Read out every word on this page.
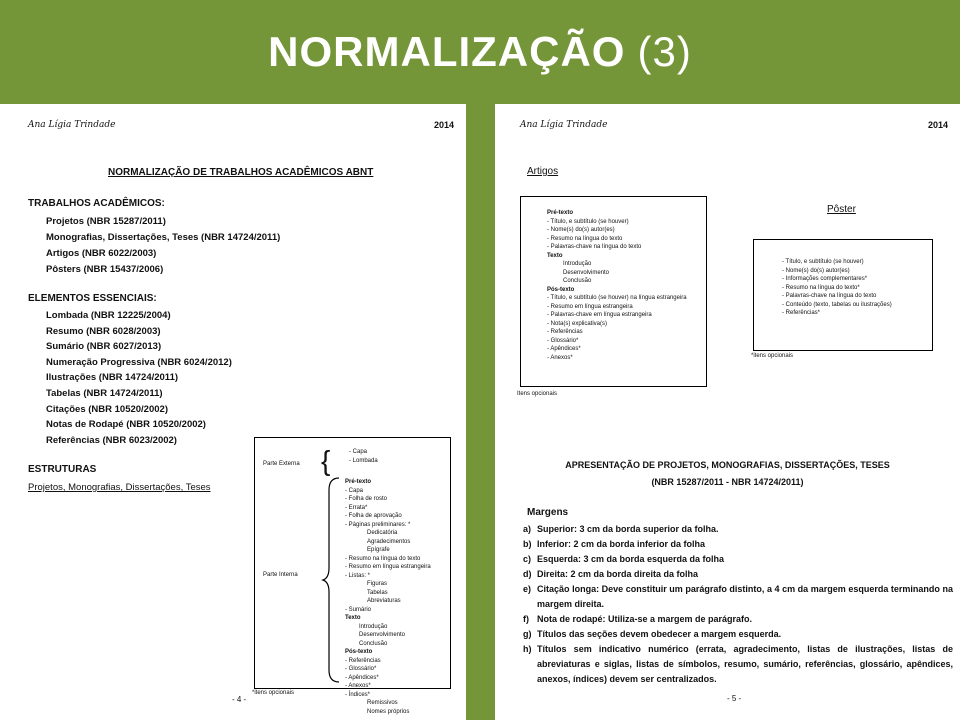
NORMALIZAÇÃO (3)
Ana Lígia Trindade	2014
NORMALIZAÇÃO DE TRABALHOS ACADÊMICOS ABNT
TRABALHOS ACADÊMICOS:
Projetos (NBR 15287/2011)
Monografias, Dissertações, Teses (NBR 14724/2011)
Artigos (NBR 6022/2003)
Pôsters (NBR 15437/2006)
ELEMENTOS ESSENCIAIS:
Lombada (NBR 12225/2004)
Resumo (NBR 6028/2003)
Sumário (NBR 6027/2013)
Numeração Progressiva (NBR 6024/2012)
Ilustrações (NBR 14724/2011)
Tabelas (NBR 14724/2011)
Citações (NBR 10520/2002)
Notas de Rodapé (NBR 10520/2002)
Referências (NBR 6023/2002)
ESTRUTURAS
Projetos, Monografias, Dissertações, Teses
Parte Externa {	- Capa
- Lombada
Parte Interna
Pré-texto
- Capa
- Folha de rosto
- Errata*
- Folha de aprovação
- Páginas preliminares: *
Dedicatória
Agradecimentos
Epígrafe
- Resumo na língua do texto
- Resumo em língua estrangeira
- Listas: *
Figuras
Tabelas
Abreviaturas
- Sumário
Texto
Introdução
Desenvolvimento
Conclusão
Pós-texto
- Referências
- Glossário*
- Apêndices*
- Anexos*
- Índices*
Remissivos
Nomes próprios
*itens opcionais
- 4 -
Ana Lígia Trindade	2014
Artigos
Pré-texto
- Título, e subtítulo (se houver)
- Nome(s) do(s) autor(es)
- Resumo na língua do texto
- Palavras-chave na língua do texto
Texto
Introdução
Desenvolvimento
Conclusão
Pós-texto
- Título, e subtítulo (se houver) na língua estrangeira
- Resumo em língua estrangeira
- Palavras-chave em língua estrangeira
- Nota(s) explicativa(s)
- Referências
- Glossário*
- Apêndices*
- Anexos*
Itens opcionais
Pôster
- Título, e subtítulo (se houver)
- Nome(s) do(s) autor(es)
- Informações complementares*
- Resumo na língua do texto*
- Palavras-chave na língua do texto
- Conteúdo (texto, tabelas ou ilustrações)
- Referências*
*itens opcionais
APRESENTAÇÃO DE PROJETOS, MONOGRAFIAS, DISSERTAÇÕES, TESES
(NBR 15287/2011 - NBR 14724/2011)
Margens
a) Superior: 3 cm da borda superior da folha.
b) Inferior: 2 cm da borda inferior da folha
c) Esquerda: 3 cm da borda esquerda da folha
d) Direita: 2 cm da borda direita da folha
e) Citação longa: Deve constituir um parágrafo distinto, a 4 cm da margem esquerda terminando na margem direita.
f) Nota de rodapé: Utiliza-se a margem de parágrafo.
g) Títulos das seções devem obedecer a margem esquerda.
h) Títulos sem indicativo numérico (errata, agradecimento, listas de ilustrações, listas de abreviaturas e siglas, listas de símbolos, resumo, sumário, referências, glossário, apêndices, anexos, índices) devem ser centralizados.
- 5 -
